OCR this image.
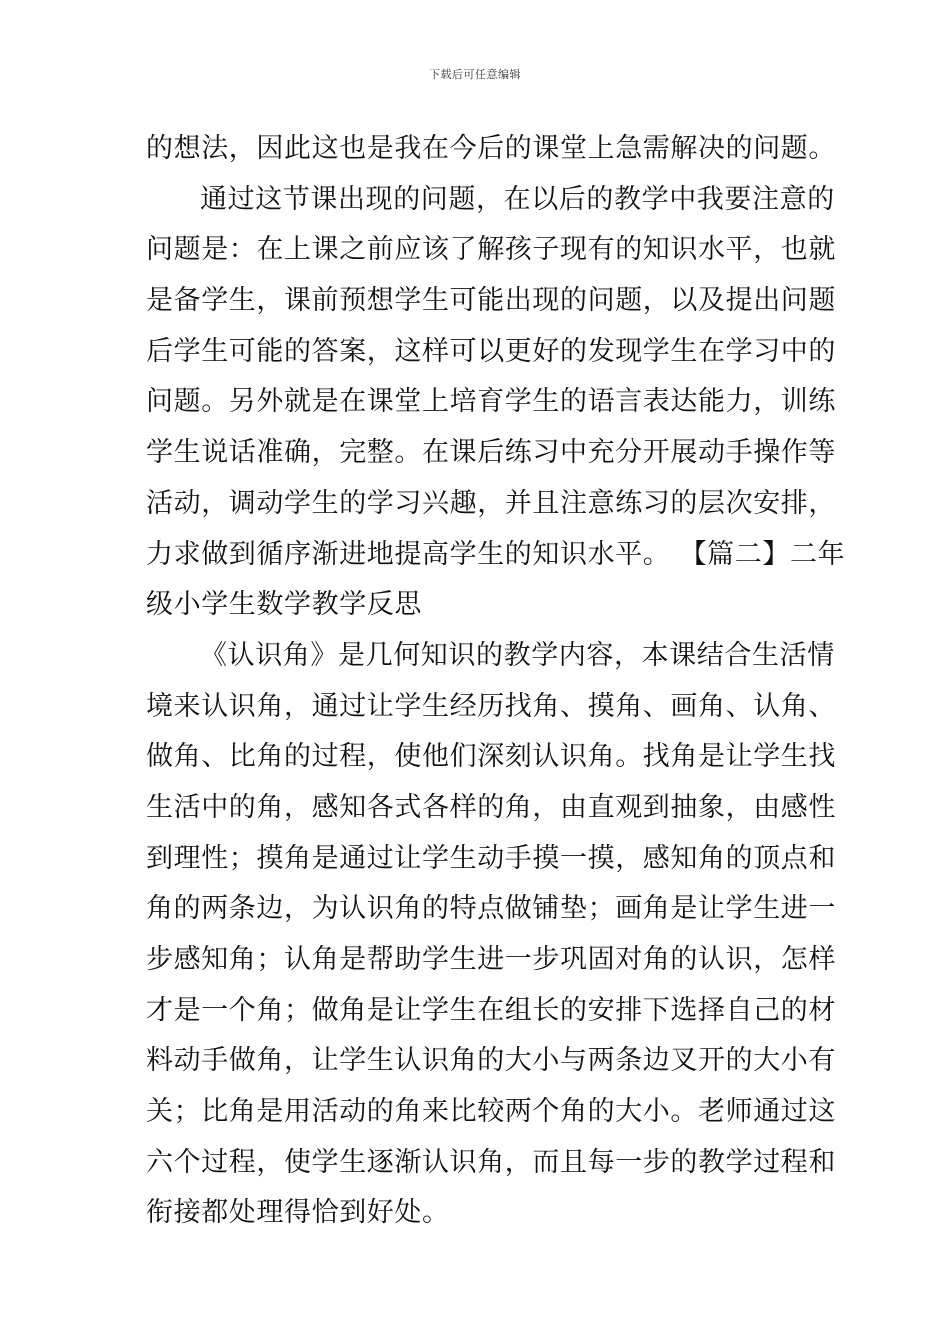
下载后可任意编辑
的想法，因此这也是我在今后的课堂上急需解决的问题。
通过这节课出现的问题，在以后的教学中我要注意的
问题是：在上课之前应该了解孩子现有的知识水平，也就
是备学生，课前预想学生可能出现的问题，以及提出问题
后学生可能的答案，这样可以更好的发现学生在学习中的
问题。另外就是在课堂上培育学生的语言表达能力，训练
学生说话准确，完整。在课后练习中充分开展动手操作等
活动，调动学生的学习兴趣，并且注意练习的层次安排，
力求做到循序渐进地提高学生的知识水平。 【篇二】二年
级小学生数学教学反思
《认识角》是几何知识的教学内容，本课结合生活情
境来认识角，通过让学生经历找角、摸角、画角、认角、
做角、比角的过程，使他们深刻认识角。找角是让学生找
生活中的角，感知各式各样的角，由直观到抽象，由感性
到理性；摸角是通过让学生动手摸一摸，感知角的顶点和
角的两条边，为认识角的特点做铺垫；画角是让学生进一
步感知角；认角是帮助学生进一步巩固对角的认识，怎样
才是一个角；做角是让学生在组长的安排下选择自己的材
料动手做角，让学生认识角的大小与两条边叉开的大小有
关；比角是用活动的角来比较两个角的大小。老师通过这
六个过程，使学生逐渐认识角，而且每一步的教学过程和
衔接都处理得恰到好处。
